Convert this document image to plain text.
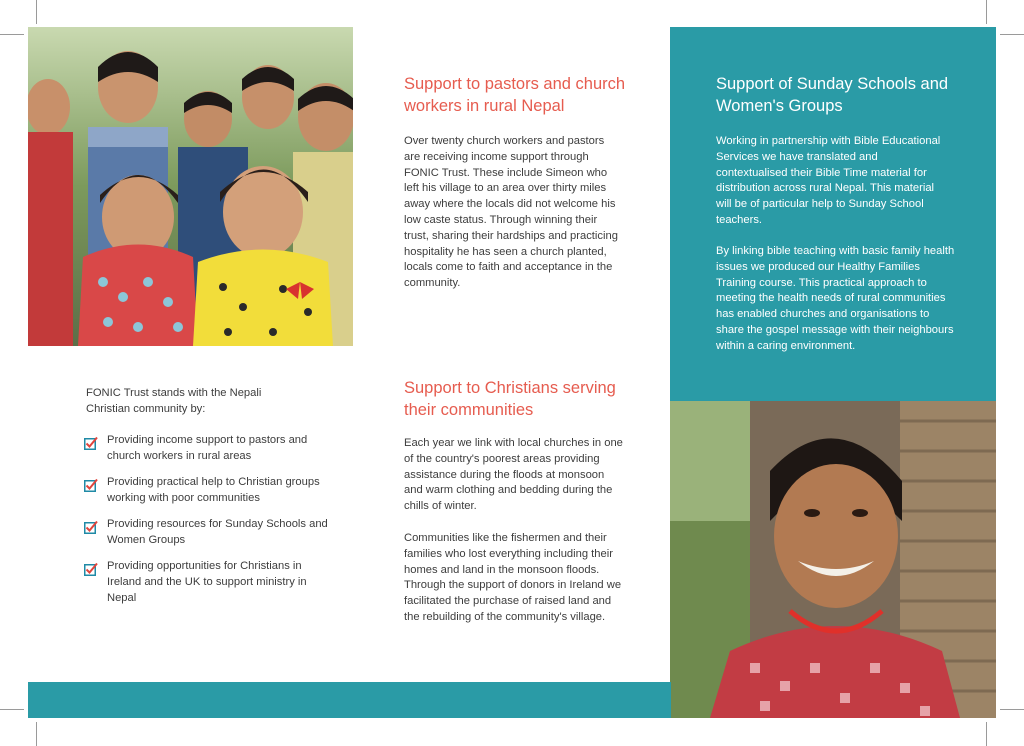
FONIC Trust stands with the Nepali Christian community by:

Providing income support to pastors and church workers in rural areas
Providing practical help to Christian groups working with poor communities
Providing resources for Sunday Schools and Women Groups
Providing opportunities for Christians in Ireland and the UK to support ministry in Nepal
Support to pastors and church workers in rural Nepal

Over twenty church workers and pastors are receiving income support through FONIC Trust. These include Simeon who left his village to an area over thirty miles away where the locals did not welcome his low caste status. Through winning their trust, sharing their hardships and practicing hospitality he has seen a church planted, locals come to faith and acceptance in the community.

Support to Christians serving their communities

Each year we link with local churches in one of the country's poorest areas providing assistance during the floods at monsoon and warm clothing and bedding during the chills of winter.

Communities like the fishermen and their families who lost everything including their homes and land in the monsoon floods. Through the support of donors in Ireland we facilitated the purchase of raised land and the rebuilding of the community's village.

Support of Sunday Schools and Women's Groups

Working in partnership with Bible Educational Services we have translated and contextualised their Bible Time material for distribution across rural Nepal. This material will be of particular help to Sunday School teachers.

By linking bible teaching with basic family health issues we produced our Healthy Families Training course. This practical approach to meeting the health needs of rural communities has enabled churches and organisations to share the gospel message with their neighbours within a caring environment.
